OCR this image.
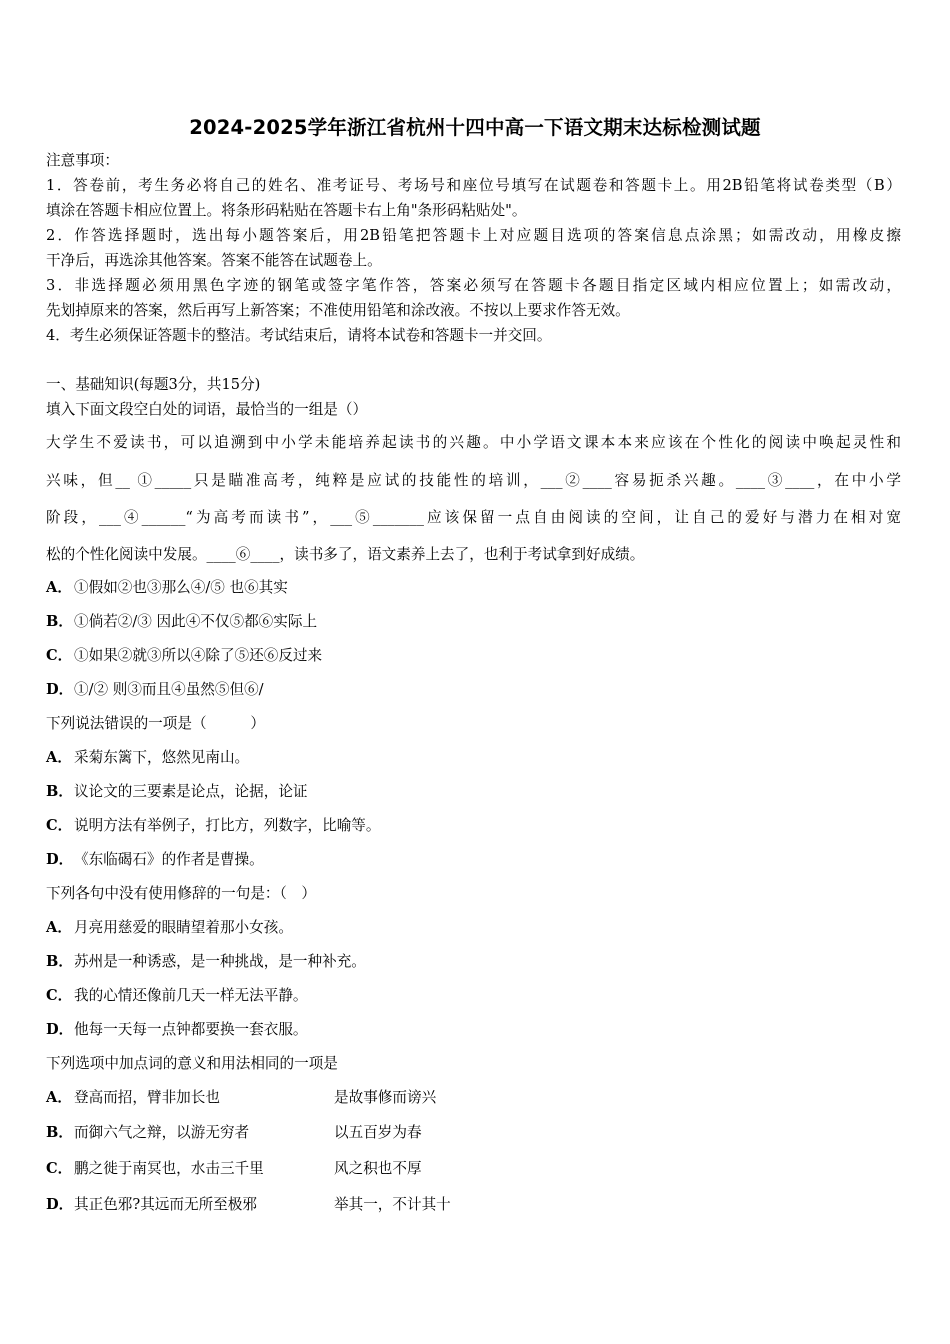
2024-2025学年浙江省杭州十四中高一下语文期末达标检测试题
注意事项：
1．答卷前，考生务必将自己的姓名、准考证号、考场号和座位号填写在试题卷和答题卡上。用2B铅笔将试卷类型（B）
填涂在答题卡相应位置上。将条形码粘贴在答题卡右上角"条形码粘贴处"。
2．作答选择题时，选出每小题答案后，用2B铅笔把答题卡上对应题目选项的答案信息点涂黑；如需改动，用橡皮擦
干净后，再选涂其他答案。答案不能答在试题卷上。
3．非选择题必须用黑色字迹的钢笔或签字笔作答，答案必须写在答题卡各题目指定区域内相应位置上；如需改动，
先划掉原来的答案，然后再写上新答案；不准使用铅笔和涂改液。不按以上要求作答无效。
4．考生必须保证答题卡的整洁。考试结束后，请将本试卷和答题卡一并交回。
一、基础知识(每题3分，共15分)
填入下面文段空白处的词语，最恰当的一组是（）
大学生不爱读书，可以追溯到中小学未能培养起读书的兴趣。中小学语文课本本来应该在个性化的阅读中唤起灵性和
兴味，但__ ①_____只是瞄准高考，纯粹是应试的技能性的培训，___②____容易扼杀兴趣。____③____，在中小学
阶段，___④______“为高考而读书”，___⑤_______应该保留一点自由阅读的空间，让自己的爱好与潜力在相对宽
松的个性化阅读中发展。____⑥____，读书多了，语文素养上去了，也利于考试拿到好成绩。
A． ①假如②也③那么④/⑤ 也⑥其实
B．①倘若②/③ 因此④不仅⑤都⑥实际上
C． ①如果②就③所以④除了⑤还⑥反过来
D．①/② 则③而且④虽然⑤但⑥/
下列说法错误的一项是（　　　）
A． 采菊东篱下，悠然见南山。
B．议论文的三要素是论点，论据，论证
C． 说明方法有举例子，打比方，列数字，比喻等。
D．《东临碣石》的作者是曹操。
下列各句中没有使用修辞的一句是：（　）
A． 月亮用慈爱的眼睛望着那小女孩。
B．苏州是一种诱惑，是一种挑战，是一种补充。
C． 我的心情还像前几天一样无法平静。
D．他每一天每一点钟都要换一套衣服。
下列选项中加点词的意义和用法相同的一项是
A． 登高而招，臂非加长也	是故事修而谤兴
B．而御六气之辩，以游无穷者	以五百岁为春
C． 鹏之徙于南冥也，水击三千里	风之积也不厚
D．其正色邪?其远而无所至极邪	举其一，不计其十
